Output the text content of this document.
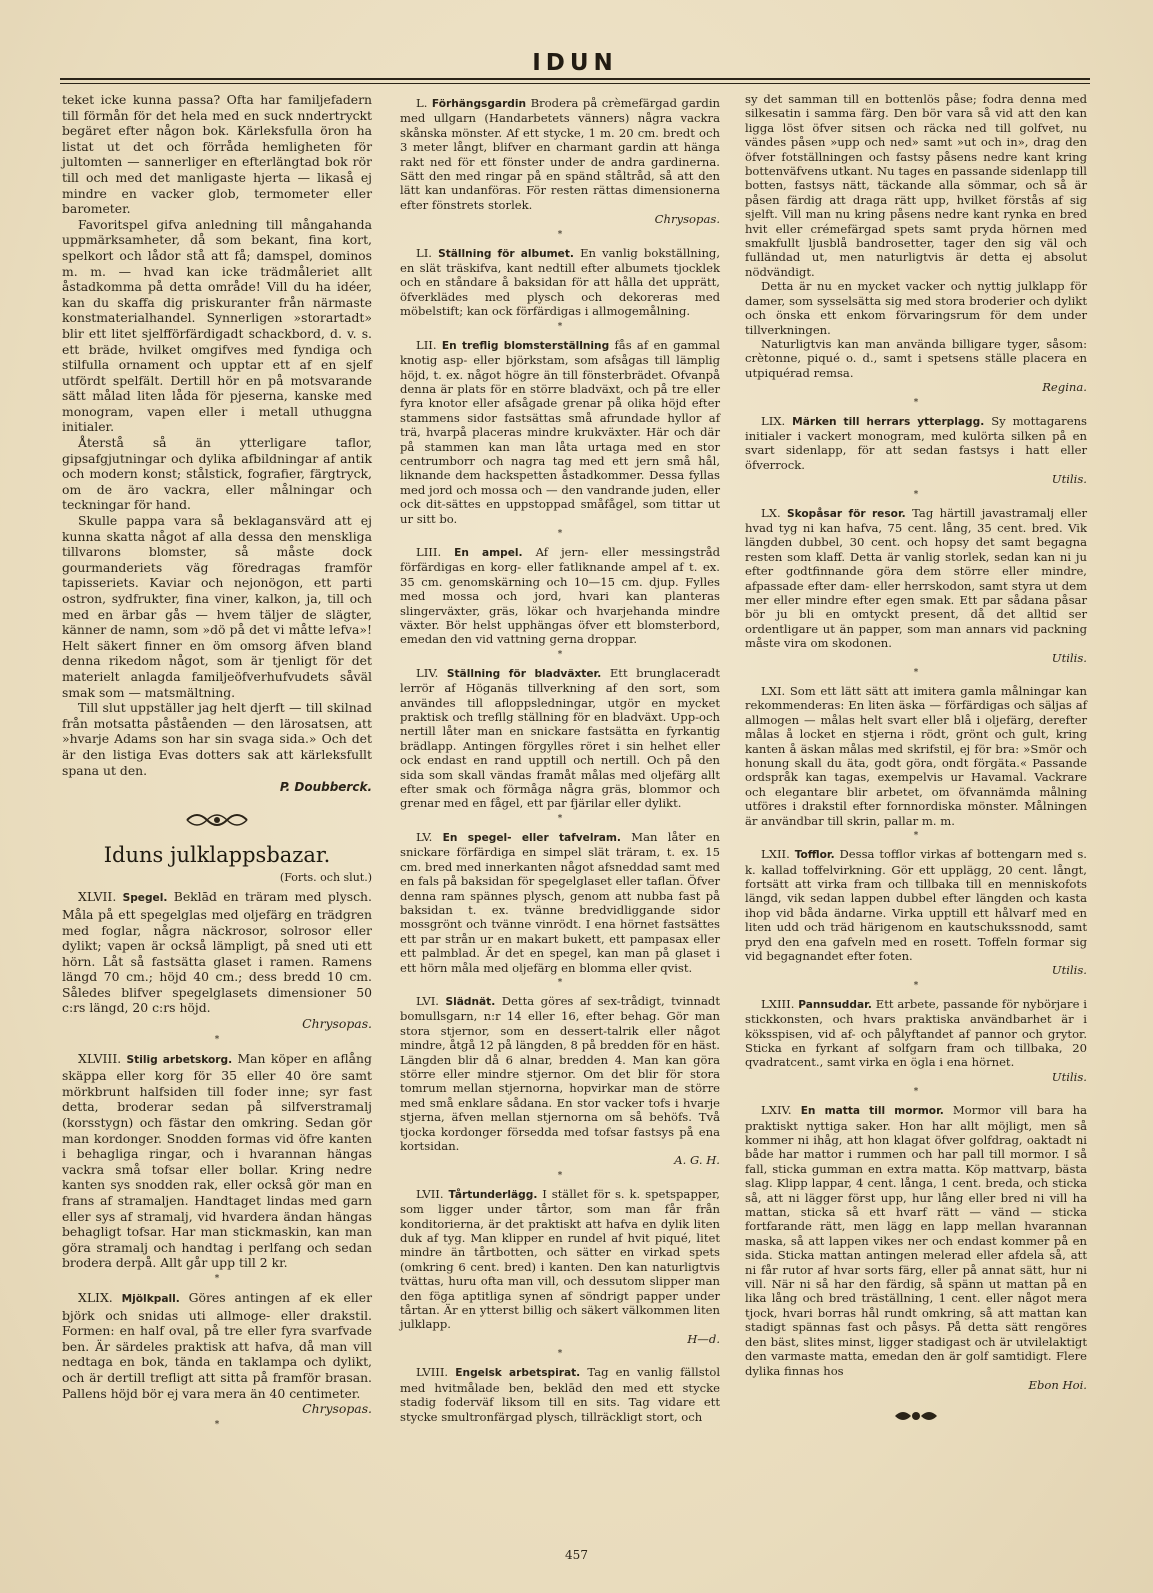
IDUN

teket icke kunna passa? Ofta har familjefadern till förmån för det hela med en suck nndertryckt begäret efter någon bok. Kärleksfulla öron ha listat ut det och förråda hemligheten för jultomten — sannerliger en efterlängtad bok rör till och med det manligaste hjerta — likaså ej mindre en vacker glob, termometer eller barometer.

Favoritspel gifva anledning till mångahanda uppmärksamheter, då som bekant, fina kort, spelkort och lådor stå att få; damspel, dominos m. m. — hvad kan icke trädmåleriet allt åstadkomma på detta område! Vill du ha idéer, kan du skaffa dig priskuranter från närmaste konstmaterialhandel. Synnerligen »storartadt» blir ett litet sjelfförfärdigadt schackbord, d. v. s. ett bräde, hvilket omgifves med fyndiga och stilfulla ornament och upptar ett af en sjelf utfördt spelfält. Dertill hör en på motsvarande sätt målad liten låda för pjeserna, kanske med monogram, vapen eller i metall uthuggna initialer.

Återstå så än ytterligare taflor, gipsafgjutningar och dylika afbildningar af antik och modern konst; stålstick, fografier, färgtryck, om de äro vackra, eller målningar och teckningar för hand.

Skulle pappa vara så beklagansvärd att ej kunna skatta något af alla dessa den menskliga tillvarons blomster, så måste dock gourmanderiets väg föredragas framför tapisseriets. Kaviar och nejonögon, ett parti ostron, sydfrukter, fina viner, kalkon, ja, till och med en ärbar gås — hvem täljer de slägter, känner de namn, som »dö på det vi måtte lefva»! Helt säkert finner en öm omsorg äfven bland denna rikedom något, som är tjenligt för det materielt anlagda familjeöfverhufvudets såväl smak som — matsmältning.

Till slut uppställer jag helt djerft — till skilnad från motsatta påståenden — den lärosatsen, att »hvarje Adams son har sin svaga sida.» Och det är den listiga Evas dotters sak att kärleksfullt spana ut den.

P. Doubberck.
Iduns julklappsbazar.
(Forts. och slut.)

XLVII. Spegel. Beklād en träram med plysch. Måla på ett spegelglas med oljefärg en trädgren med foglar, några näckrosor, solrosor eller dylikt; vapen är också lämpligt, på sned uti ett hörn. Låt så fastsätta glaset i ramen. Ramens längd 70 cm.; höjd 40 cm.; dess bredd 10 cm. Således blifver spegelglasets dimensioner 50 c:rs längd, 20 c:rs höjd.

Chrysopas.
*

XLVIII. Stilig arbetskorg. Man köper en aflång skäppa eller korg för 35 eller 40 öre samt mörkbrunt halfsiden till foder inne; syr fast detta, broderar sedan på silfverstramalj (korsstygn) och fästar den omkring. Sedan gör man kordonger. Snodden formas vid öfre kanten i behagliga ringar, och i hvarannan hängas vackra små tofsar eller bollar. Kring nedre kanten sys snodden rak, eller också gör man en frans af stramaljen. Handtaget lindas med garn eller sys af stramalj, vid hvardera ändan hängas behagligt tofsar. Har man stickmaskin, kan man göra stramalj och handtag i perlfang och sedan brodera derpå. Allt går upp till 2 kr.

*

XLIX. Mjölkpall. Göres antingen af ek eller björk och snidas uti allmoge- eller drakstil. Formen: en half oval, på tre eller fyra svarfvade ben. Är särdeles praktisk att hafva, då man vill nedtaga en bok, tända en taklampa och dylikt, och är dertill trefligt att sitta på framför brasan. Pallens höjd bör ej vara mera än 40 centimeter.

Chrysopas.
*

L. Förhängsgardin Brodera på crèmefärgad gardin med ullgarn (Handarbetets vänners) några vackra skånska mönster. Af ett stycke, 1 m. 20 cm. bredt och 3 meter långt, blifver en charmant gardin att hänga rakt ned för ett fönster under de andra gardinerna. Sätt den med ringar på en spänd ståltråd, så att den lätt kan undanföras. För resten rättas dimensionerna efter fönstrets storlek.

Chrysopas.
*

LI. Ställning för albumet. En vanlig bokställning, en slät träskifva, kant nedtill efter albumets tjocklek och en ståndare å baksidan för att hålla det upprätt, öfverklädes med plysch och dekoreras med möbelstift; kan ock förfärdigas i allmogemålning.

*

LII. En treflig blomsterställning fås af en gammal knotig asp- eller björkstam, som afsågas till lämplig höjd, t. ex. något högre än till fönsterbrädet. Ofvanpå denna är plats för en större bladväxt, och på tre eller fyra knotor eller afsågade grenar på olika höjd efter stammens sidor fastsättas små afrundade hyllor af trä, hvarpå placeras mindre krukväxter. Här och där på stammen kan man låta urtaga med en stor centrumborr och nagra tag med ett jern små hål, liknande dem hackspetten åstadkommer. Dessa fyllas med jord och mossa och — den vandrande juden, eller ock dit-sättes en uppstoppad småfågel, som tittar ut ur sitt bo.

*

LIII. En ampel. Af jern- eller messingstråd förfärdigas en korg- eller fatliknande ampel af t. ex. 35 cm. genomskärning och 10—15 cm. djup. Fylles med mossa och jord, hvari kan planteras slingerväxter, gräs, lökar och hvarjehanda mindre växter. Bör helst upphängas öfver ett blomsterbord, emedan den vid vattning gerna droppar.

*

LIV. Ställning för bladväxter. Ett brunglaceradt lerrör af Höganäs tillverkning af den sort, som användes till afloppsledningar, utgör en mycket praktisk och trefllg ställning för en bladväxt. Upp-och nertill låter man en snickare fastsätta en fyrkantig brädlapp. Antingen förgylles röret i sin helhet eller ock endast en rand upptill och nertill. Och på den sida som skall vändas framåt målas med oljefärg allt efter smak och förmåga några gräs, blommor och grenar med en fågel, ett par fjärilar eller dylikt.

*

LV. En spegel- eller tafvelram. Man låter en snickare förfärdiga en simpel slät träram, t. ex. 15 cm. bred med innerkanten något afsneddad samt med en fals på baksidan för spegelglaset eller taflan. Öfver denna ram spännes plysch, genom att nubba fast på baksidan t. ex. tvänne bredvidliggande sidor mossgrönt och tvänne vinrödt. I ena hörnet fastsättes ett par strån ur en makart bukett, ett pampasax eller ett palmblad. Är det en spegel, kan man på glaset i ett hörn måla med oljefärg en blomma eller qvist.

*

LVI. Slädnät. Detta göres af sex-trådigt, tvinnadt bomullsgarn, n:r 14 eller 16, efter behag. Gör man stora stjernor, som en dessert-talrik eller något mindre, åtgå 12 på längden, 8 på bredden för en häst. Längden blir då 6 alnar, bredden 4. Man kan göra större eller mindre stjernor. Om det blir för stora tomrum mellan stjernorna, hopvirkar man de större med små enklare sådana. En stor vacker tofs i hvarje stjerna, äfven mellan stjernorna om så behöfs. Två tjocka kordonger försedda med tofsar fastsys på ena kortsidan.

A. G. H.
*

LVII. Tårtunderlägg. I stället för s. k. spetspapper, som ligger under tårtor, som man får från konditorierna, är det praktiskt att hafva en dylik liten duk af tyg. Man klipper en rundel af hvit piqué, litet mindre än tårtbotten, och sätter en virkad spets (omkring 6 cent. bred) i kanten. Den kan naturligtvis tvättas, huru ofta man vill, och dessutom slipper man den föga aptitliga synen af söndrigt papper under tårtan. Är en ytterst billig och säkert välkommen liten julklapp.

H—d.
*

LVIII. Engelsk arbetspirat. Tag en vanlig fällstol med hvitmålade ben, beklād den med ett stycke stadig foderväf liksom till en sits. Tag vidare ett stycke smultronfärgad plysch, tillräckligt stort, och

sy det samman till en bottenlös påse; fodra denna med silkesatin i samma färg. Den bör vara så vid att den kan ligga löst öfver sitsen och räcka ned till golfvet, nu vändes påsen »upp och ned» samt »ut och in», drag den öfver fotställningen och fastsy påsens nedre kant kring bottenväfvens utkant. Nu tages en passande sidenlapp till botten, fastsys nätt, täckande alla sömmar, och så är påsen färdig att draga rätt upp, hvilket förstås af sig sjelft. Vill man nu kring påsens nedre kant rynka en bred hvit eller crémefärgad spets samt pryda hörnen med smakfullt ljusblå bandrosetter, tager den sig väl och fulländad ut, men naturligtvis är detta ej absolut nödvändigt.

Detta är nu en mycket vacker och nyttig julklapp för damer, som sysselsätta sig med stora broderier och dylikt och önska ett enkom förvaringsrum för dem under tillverkningen.

Naturligtvis kan man använda billigare tyger, såsom: crètonne, piqué o. d., samt i spetsens ställe placera en utpiquérad remsa.

Regina.
*

LIX. Märken till herrars ytterplagg. Sy mottagarens initialer i vackert monogram, med kulörta silken på en svart sidenlapp, för att sedan fastsys i hatt eller öfverrock.

Utilis.
*

LX. Skopåsar för resor. Tag härtill javastramalj eller hvad tyg ni kan hafva, 75 cent. lång, 35 cent. bred. Vik längden dubbel, 30 cent. och hopsy det samt begagna resten som klaff. Detta är vanlig storlek, sedan kan ni ju efter godtfinnande göra dem större eller mindre, afpassade efter dam- eller herrskodon, samt styra ut dem mer eller mindre efter egen smak. Ett par sådana påsar bör ju bli en omtyckt present, då det alltid ser ordentligare ut än papper, som man annars vid packning måste vira om skodonen.

Utilis.
*

LXI. Som ett lätt sätt att imitera gamla målningar kan rekommenderas: En liten äska — förfärdigas och säljas af allmogen — målas helt svart eller blå i oljefärg, derefter målas å locket en stjerna i rödt, grönt och gult, kring kanten å äskan målas med skrifstil, ej för bra: »Smör och honung skall du äta, godt göra, ondt förgäta.« Passande ordspråk kan tagas, exempelvis ur Havamal. Vackrare och elegantare blir arbetet, om öfvannämda målning utföres i drakstil efter fornnordiska mönster. Målningen är användbar till skrin, pallar m. m.

*

LXII. Tofflor. Dessa tofflor virkas af bottengarn med s. k. kallad toffelvirkning. Gör ett upplägg, 20 cent. långt, fortsätt att virka fram och tillbaka till en menniskofots längd, vik sedan lappen dubbel efter längden och kasta ihop vid båda ändarne. Virka upptill ett hålvarf med en liten udd och träd härigenom en kautschukssnodd, samt pryd den ena gafveln med en rosett. Toffeln formar sig vid begagnandet efter foten.

Utilis.
*

LXIII. Pannsuddar. Ett arbete, passande för nybörjare i stickkonsten, och hvars praktiska användbarhet är i köksspisen, vid af- och pålyftandet af pannor och grytor. Sticka en fyrkant af solfgarn fram och tillbaka, 20 qvadratcent., samt virka en ögla i ena hörnet.

Utilis.
*

LXIV. En matta till mormor. Mormor vill bara ha praktiskt nyttiga saker. Hon har allt möjligt, men så kommer ni ihåg, att hon klagat öfver golfdrag, oaktadt ni både har mattor i rummen och har pall till mormor. I så fall, sticka gumman en extra matta. Köp mattvarp, bästa slag. Klipp lappar, 4 cent. långa, 1 cent. breda, och sticka så, att ni lägger först upp, hur lång eller bred ni vill ha mattan, sticka så ett hvarf rätt — vänd — sticka fortfarande rätt, men lägg en lapp mellan hvarannan maska, så att lappen vikes ner och endast kommer på en sida. Sticka mattan antingen melerad eller afdela så, att ni får rutor af hvar sorts färg, eller på annat sätt, hur ni vill. När ni så har den färdig, så spänn ut mattan på en lika lång och bred träställning, 1 cent. eller något mera tjock, hvari borras hål rundt omkring, så att mattan kan stadigt spännas fast och påsys. På detta sätt rengöres den bäst, slites minst, ligger stadigast och är utvilelaktigt den varmaste matta, emedan den är golf samtidigt. Flere dylika finnas hos

Ebon Hoi.
457
